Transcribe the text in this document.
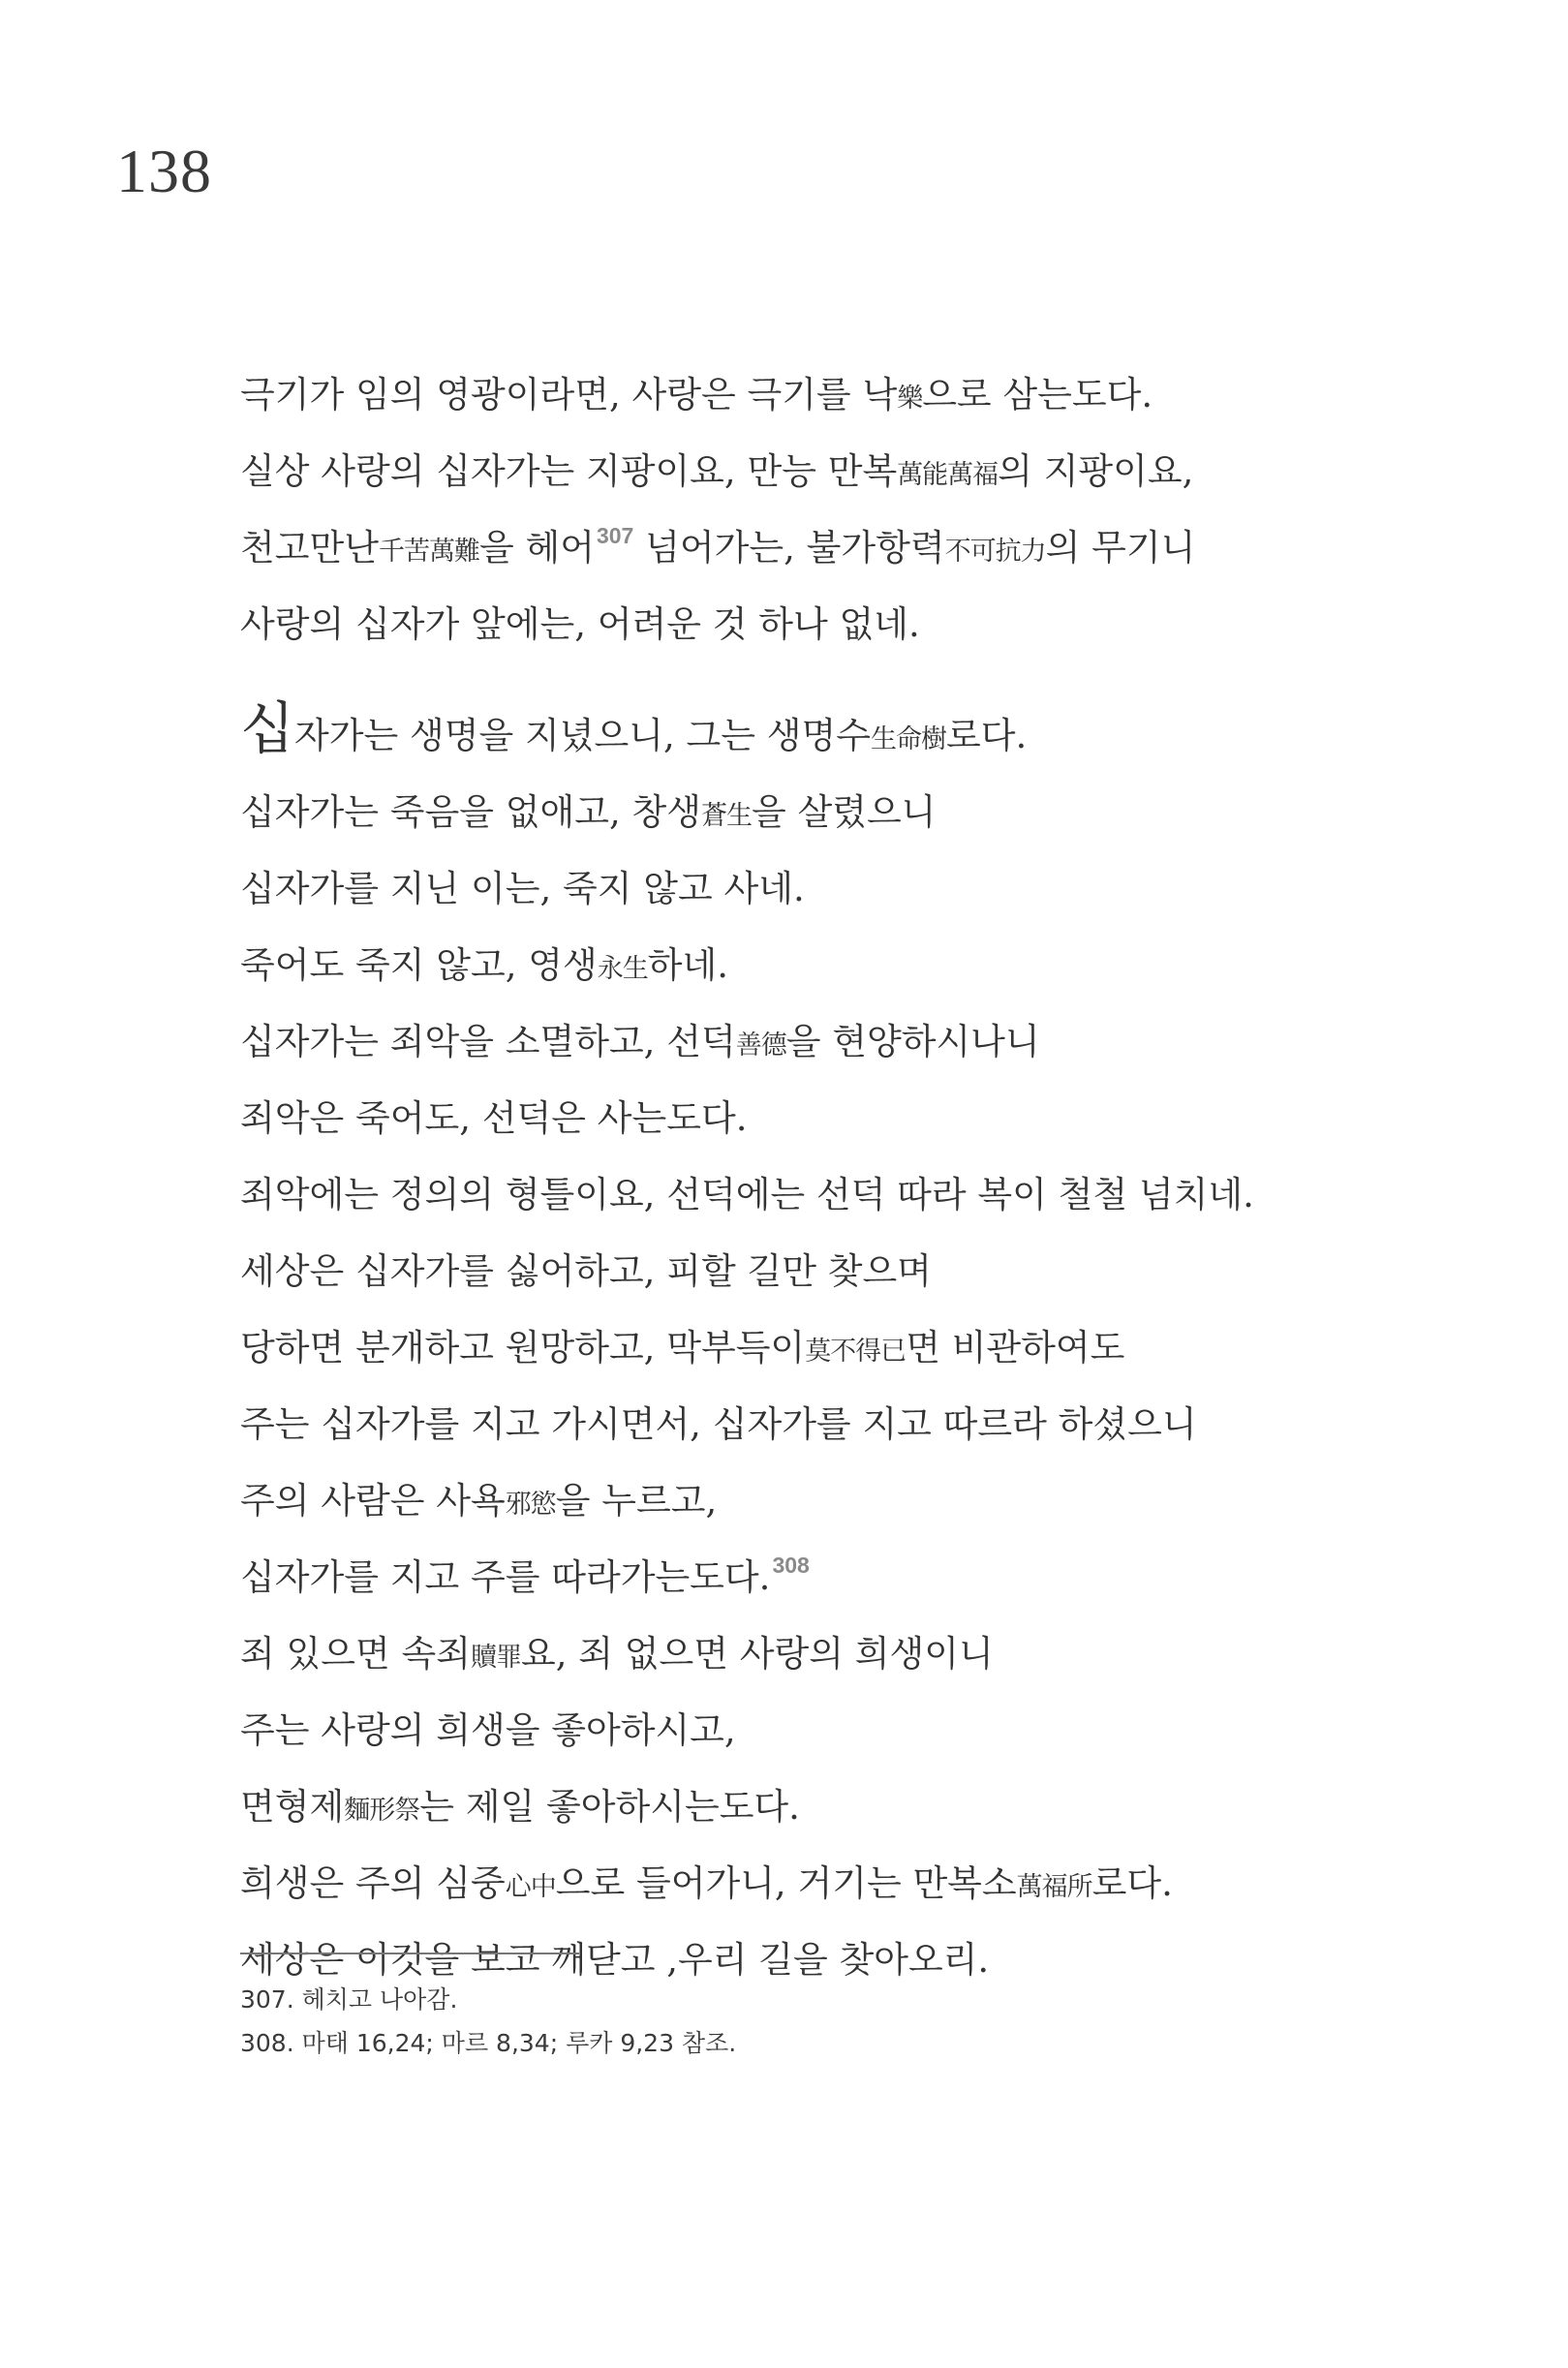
138
극기가 임의 영광이라면, 사랑은 극기를 낙樂으로 삼는도다.
실상 사랑의 십자가는 지팡이요, 만능 만복萬能萬福의 지팡이요,
천고만난千苦萬難을 헤어$^{307}$ 넘어가는, 불가항력不可抗力의 무기니
사랑의 십자가 앞에는, 어려운 것 하나 없네.
십자가는 생명을 지녔으니, 그는 생명수生命樹로다.
십자가는 죽음을 없애고, 창생蒼生을 살렸으니
십자가를 지닌 이는, 죽지 않고 사네.
죽어도 죽지 않고, 영생永生하네.
십자가는 죄악을 소멸하고, 선덕善德을 현양하시나니
죄악은 죽어도, 선덕은 사는도다.
죄악에는 정의의 형틀이요, 선덕에는 선덕 따라 복이 철철 넘치네.
세상은 십자가를 싫어하고, 피할 길만 찾으며
당하면 분개하고 원망하고, 막부득이莫不得已면 비관하여도
주는 십자가를 지고 가시면서, 십자가를 지고 따르라 하셨으니
주의 사람은 사욕邪慾을 누르고,
십자가를 지고 주를 따라가는도다.$^{308}$
죄 있으면 속죄贖罪요, 죄 없으면 사랑의 희생이니
주는 사랑의 희생을 좋아하시고,
면형제麵形祭는 제일 좋아하시는도다.
희생은 주의 심중心中으로 들어가니, 거기는 만복소萬福所로다.
세상은 이것을 보고 깨닫고 ,우리 길을 찾아오리.
307. 헤치고 나아감.
308. 마태 16,24; 마르 8,34; 루카 9,23 참조.
